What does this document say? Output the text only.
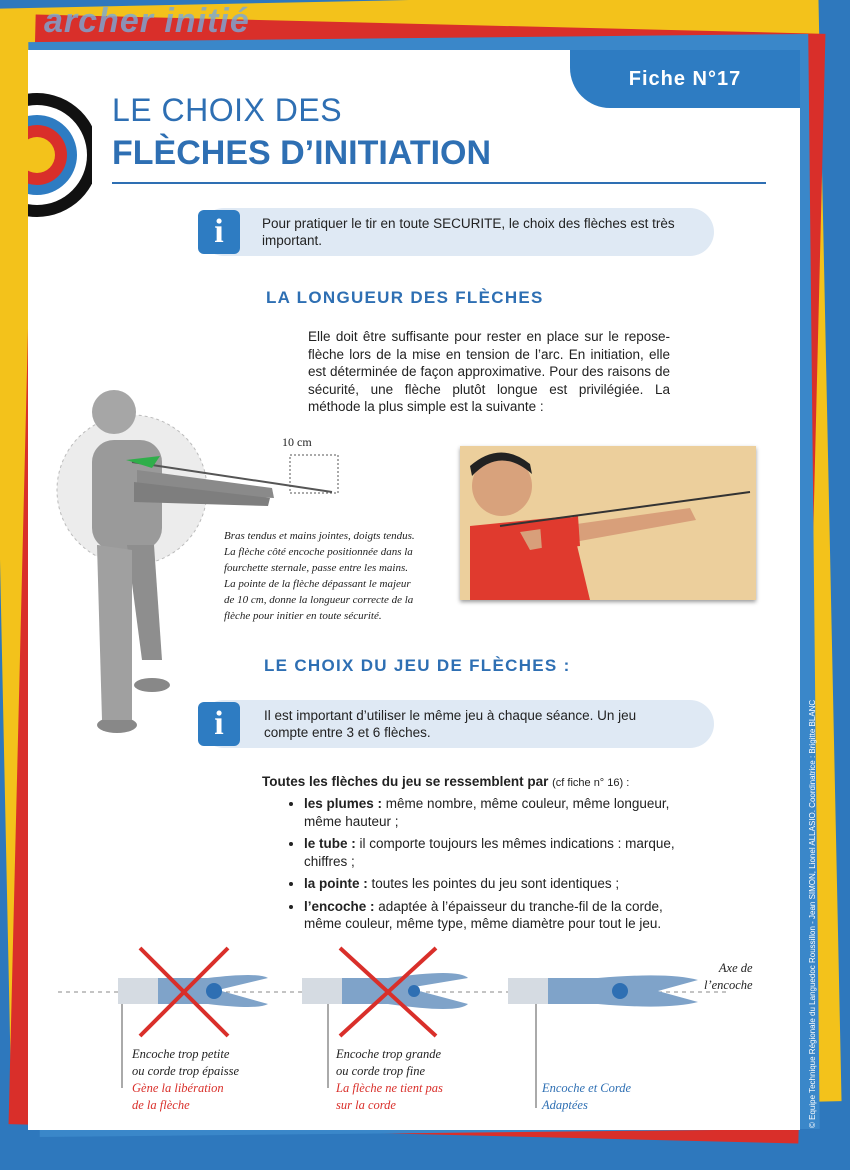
archer initié
Fiche N°17
LE CHOIX DES
FLÈCHES D’INITIATION
i	Pour pratiquer le tir en toute SECURITE, le choix des flèches est très important.
LA LONGUEUR DES FLÈCHES
Elle doit être suffisante pour rester en place sur le repose-flèche lors de la mise en tension de l’arc. En initiation, elle est déterminée de façon approximative. Pour des raisons de sécurité, une flèche plutôt longue est privilégiée. La méthode la plus simple est la suivante :
10 cm
Bras tendus et mains jointes, doigts tendus.
La flèche côté encoche positionnée dans la
fourchette sternale, passe entre les mains.
La pointe de la flèche dépassant le majeur
de 10 cm, donne la longueur correcte de la
flèche pour initier en toute sécurité.
LE CHOIX DU JEU DE FLÈCHES :
i	Il est important d’utiliser le même jeu à chaque séance. Un jeu compte entre 3 et 6 flèches.
Toutes les flèches du jeu se ressemblent par (cf fiche n° 16) :
• les plumes : même nombre, même couleur, même longueur, même hauteur ;
• le tube : il comporte toujours les mêmes indications : marque, chiffres ;
• la pointe : toutes les pointes du jeu sont identiques ;
• l’encoche : adaptée à l’épaisseur du tranche-fil de la corde, même couleur, même type, même diamètre pour tout le jeu.
Axe de
l’encoche
Encoche trop petite
ou corde trop épaisse
Gène la libération
de la flèche
Encoche trop grande
ou corde trop fine
La flèche ne tient pas
sur la corde
Encoche et Corde
Adaptées
